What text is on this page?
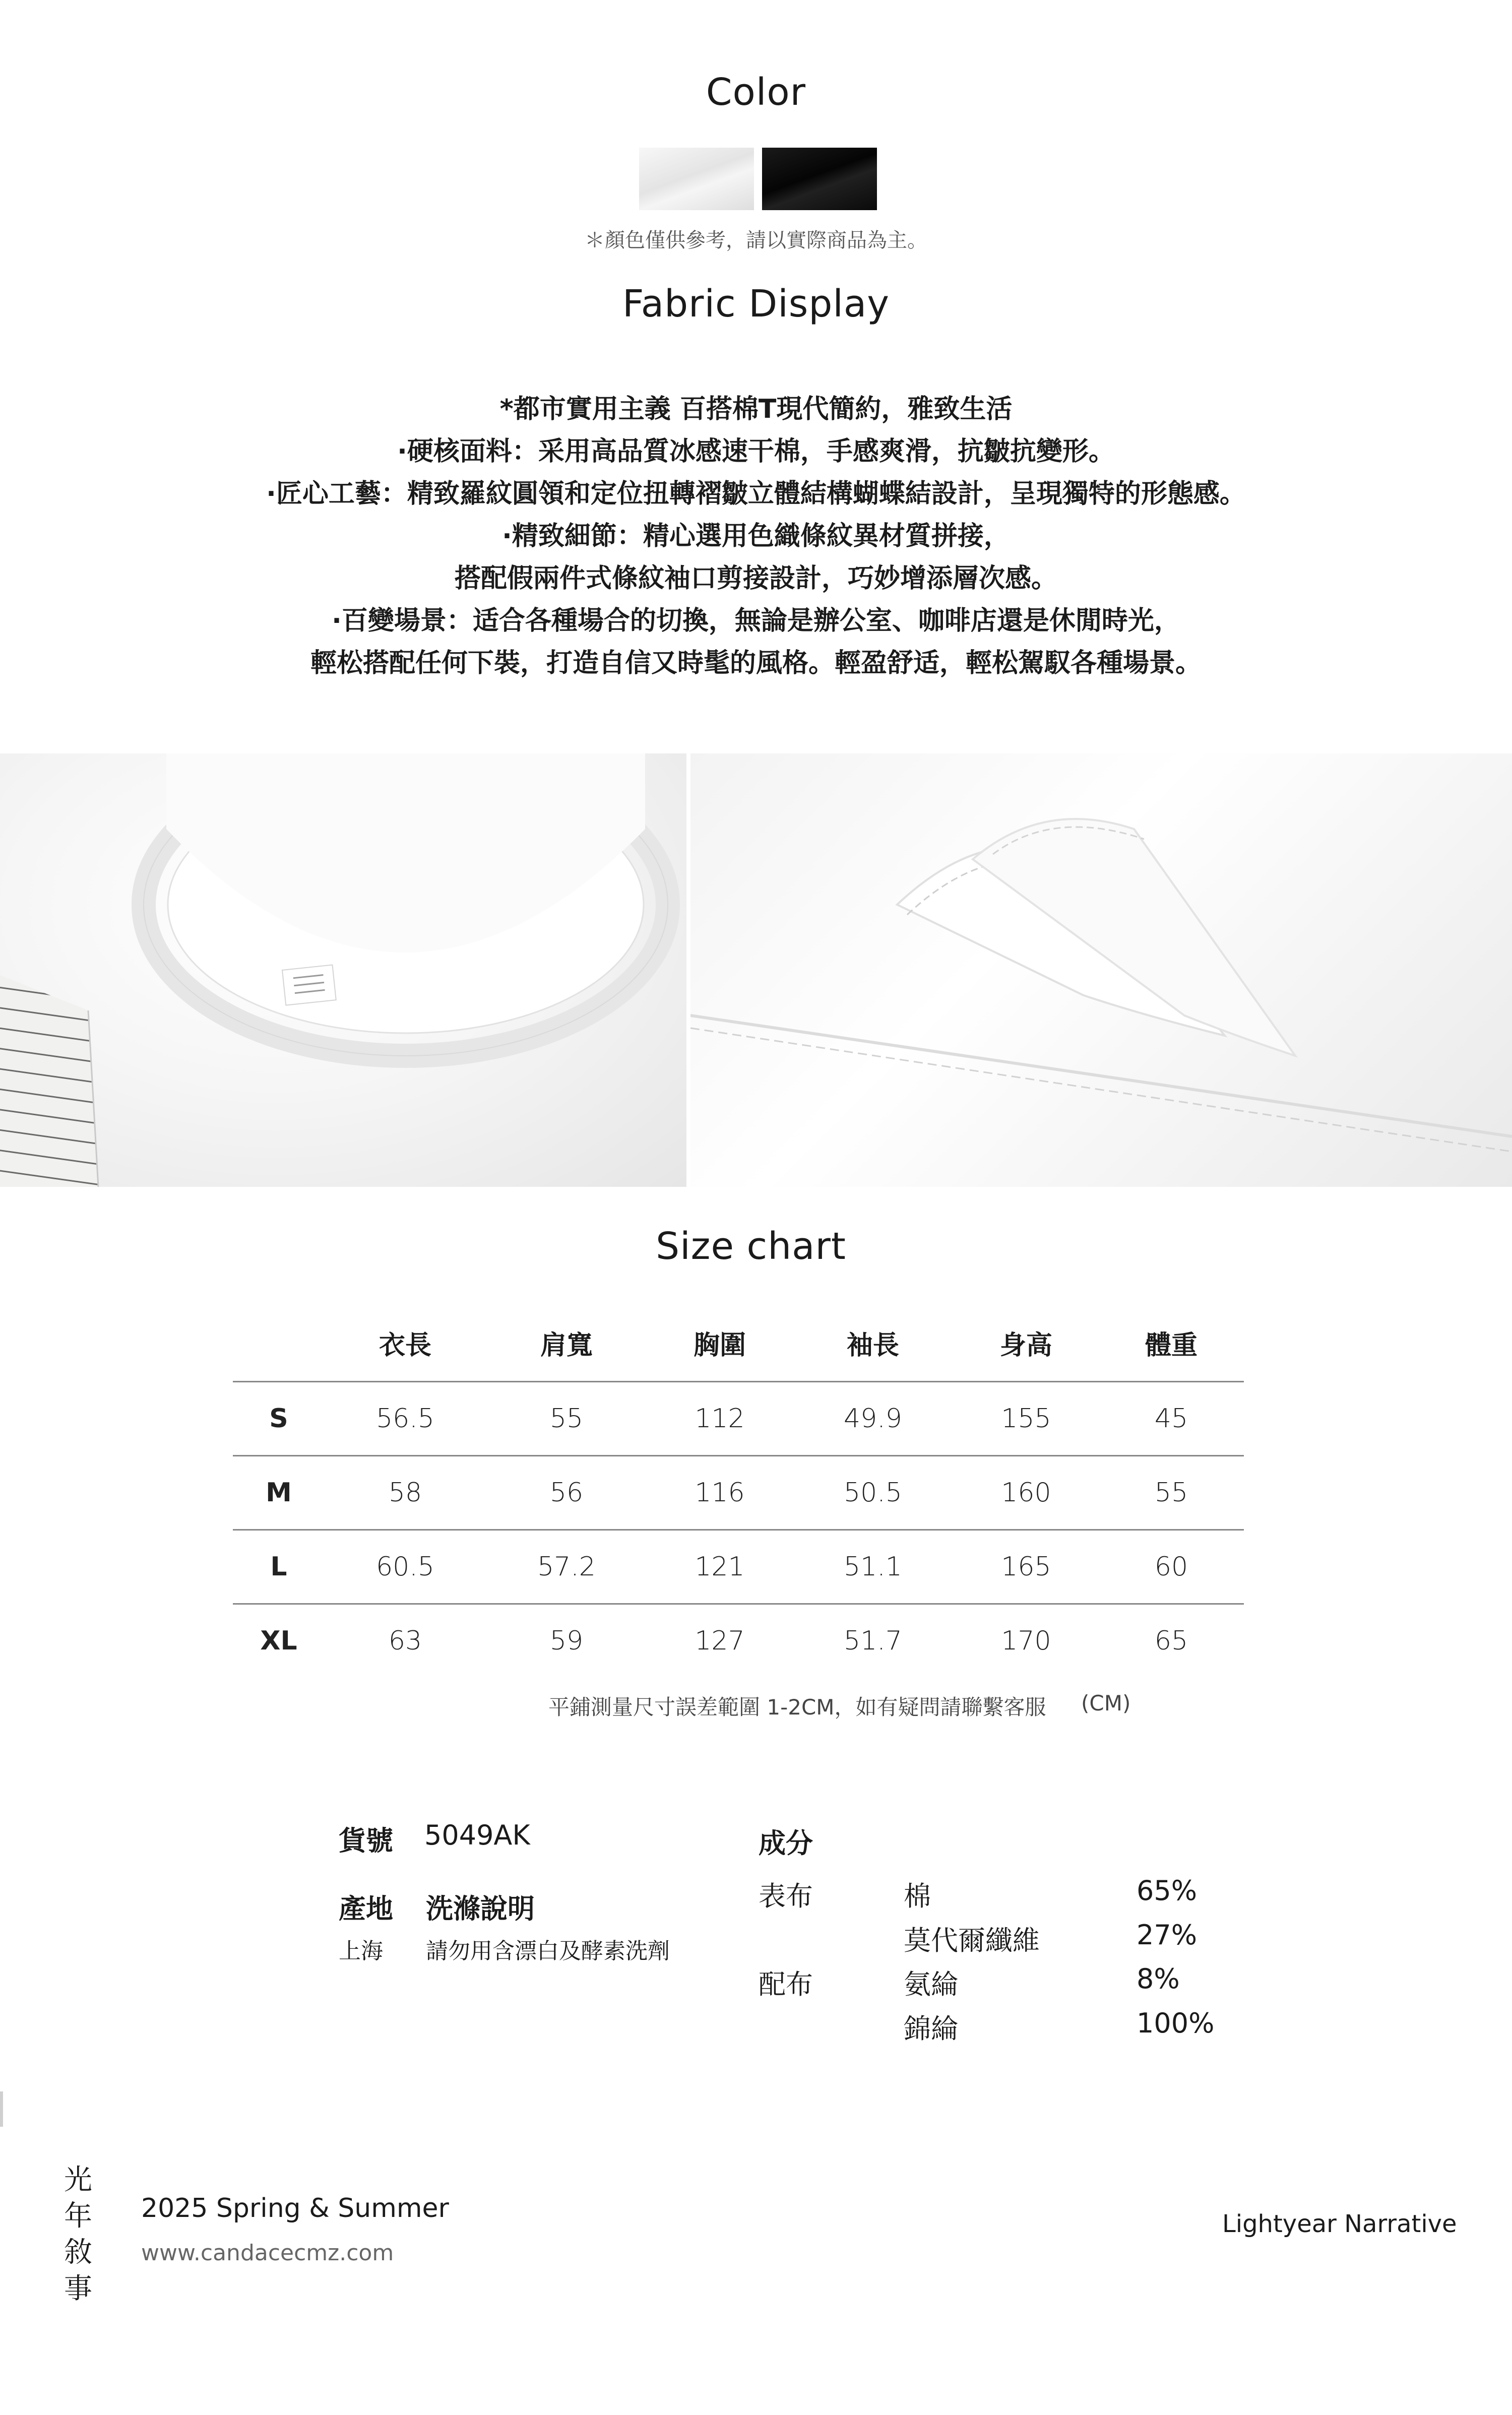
Color
＊顏色僅供參考，請以實際商品為主。
Fabric Display
*都市實用主義 百搭棉T現代簡約，雅致生活
·硬核面料：采用高品質冰感速干棉，手感爽滑，抗皺抗變形。
·匠心工藝：精致羅紋圓領和定位扭轉褶皺立體結構蝴蝶結設計，呈現獨特的形態感。
·精致細節：精心選用色織條紋異材質拼接，
搭配假兩件式條紋袖口剪接設計，巧妙增添層次感。
·百變場景：适合各種場合的切換，無論是辦公室、咖啡店還是休閒時光，
輕松搭配任何下裝，打造自信又時髦的風格。輕盈舒适，輕松駕馭各種場景。
Size chart
	衣長	肩寬	胸圍	袖長	身高	體重
S	56.5	55	112	49.9	155	45
M	58	56	116	50.5	160	55
L	60.5	57.2	121	51.1	165	60
XL	63	59	127	51.7	170	65
平鋪測量尺寸誤差範圍 1-2CM，如有疑問請聯繫客服 (CM)
貨號 5049AK
產地 洗滌說明
上海 請勿用含漂白及酵素洗劑
成分
表布	棉	65%
莫代爾纖維	27%
配布	氨綸	8%
錦綸	100%
光
年
敘
事
2025 Spring & Summer
www.candacecmz.com
Lightyear Narrative
